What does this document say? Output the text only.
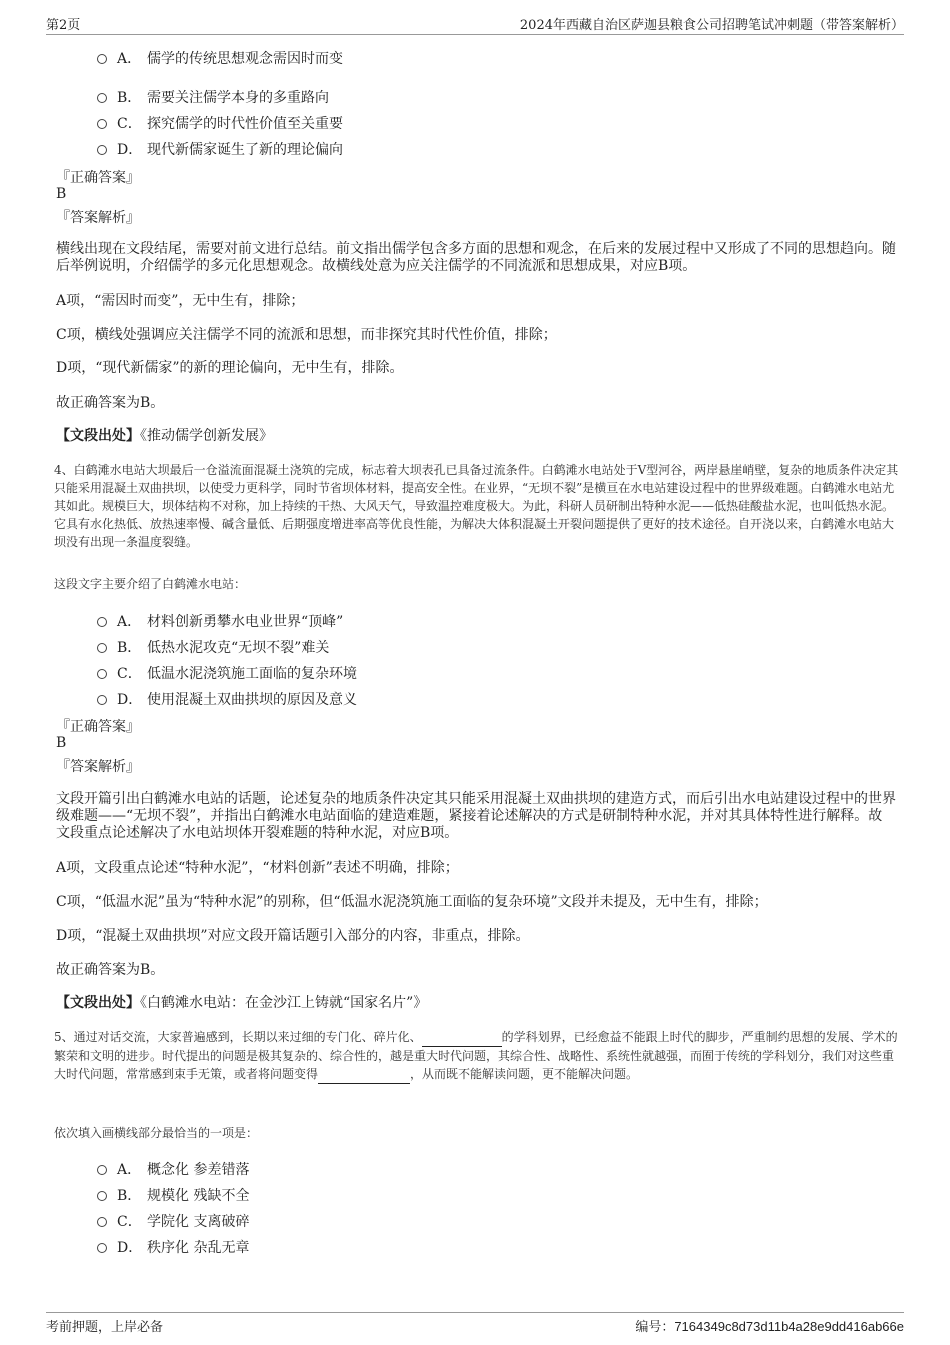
第2页	2024年西藏自治区萨迦县粮食公司招聘笔试冲刺题（带答案解析）
A． 儒学的传统思想观念需因时而变
B． 需要关注儒学本身的多重路向
C． 探究儒学的时代性价值至关重要
D． 现代新儒家诞生了新的理论偏向
『正确答案』
B
『答案解析』
横线出现在文段结尾，需要对前文进行总结。前文指出儒学包含多方面的思想和观念，在后来的发展过程中又形成了不同的思想趋向。随后举例说明，介绍儒学的多元化思想观念。故横线处意为应关注儒学的不同流派和思想成果，对应B项。
A项，“需因时而变”，无中生有，排除；
C项，横线处强调应关注儒学不同的流派和思想，而非探究其时代性价值，排除；
D项，“现代新儒家”的新的理论偏向，无中生有，排除。
故正确答案为B。
【文段出处】《推动儒学创新发展》
4、白鹤滩水电站大坝最后一仓溢流面混凝土浇筑的完成，标志着大坝表孔已具备过流条件。白鹤滩水电站处于V型河谷，两岸悬崖峭壁，复杂的地质条件决定其只能采用混凝土双曲拱坝，以使受力更科学，同时节省坝体材料，提高安全性。在业界，“无坝不裂”是横亘在水电站建设过程中的世界级难题。白鹤滩水电站尤其如此。规模巨大，坝体结构不对称，加上持续的干热、大风天气，导致温控难度极大。为此，科研人员研制出特种水泥——低热硅酸盐水泥，也叫低热水泥。它具有水化热低、放热速率慢、碱含量低、后期强度增进率高等优良性能，为解决大体积混凝土开裂问题提供了更好的技术途径。自开浇以来，白鹤滩水电站大坝没有出现一条温度裂缝。
这段文字主要介绍了白鹤滩水电站：
A． 材料创新勇攀水电业世界“顶峰”
B． 低热水泥攻克“无坝不裂”难关
C． 低温水泥浇筑施工面临的复杂环境
D． 使用混凝土双曲拱坝的原因及意义
『正确答案』
B
『答案解析』
文段开篇引出白鹤滩水电站的话题，论述复杂的地质条件决定其只能采用混凝土双曲拱坝的建造方式，而后引出水电站建设过程中的世界级难题——“无坝不裂”，并指出白鹤滩水电站面临的建造难题，紧接着论述解决的方式是研制特种水泥，并对其具体特性进行解释。故文段重点论述解决了水电站坝体开裂难题的特种水泥，对应B项。
A项，文段重点论述“特种水泥”，“材料创新”表述不明确，排除；
C项，“低温水泥”虽为“特种水泥”的别称，但“低温水泥浇筑施工面临的复杂环境”文段并未提及，无中生有，排除；
D项，“混凝土双曲拱坝”对应文段开篇话题引入部分的内容，非重点，排除。
故正确答案为B。
【文段出处】《白鹤滩水电站：在金沙江上铸就“国家名片”》
5、通过对话交流，大家普遍感到，长期以来过细的专门化、碎片化、	的学科划界，已经愈益不能跟上时代的脚步，严重制约思想的发展、学术的繁荣和文明的进步。时代提出的问题是极其复杂的、综合性的，越是重大时代问题，其综合性、战略性、系统性就越强，而囿于传统的学科划分，我们对这些重大时代问题，常常感到束手无策，或者将问题变得	，从而既不能解读问题，更不能解决问题。
依次填入画横线部分最恰当的一项是：
A． 概念化 参差错落
B． 规模化 残缺不全
C． 学院化 支离破碎
D． 秩序化 杂乱无章
考前押题，上岸必备	编号：7164349c8d73d11b4a28e9dd416ab66e
